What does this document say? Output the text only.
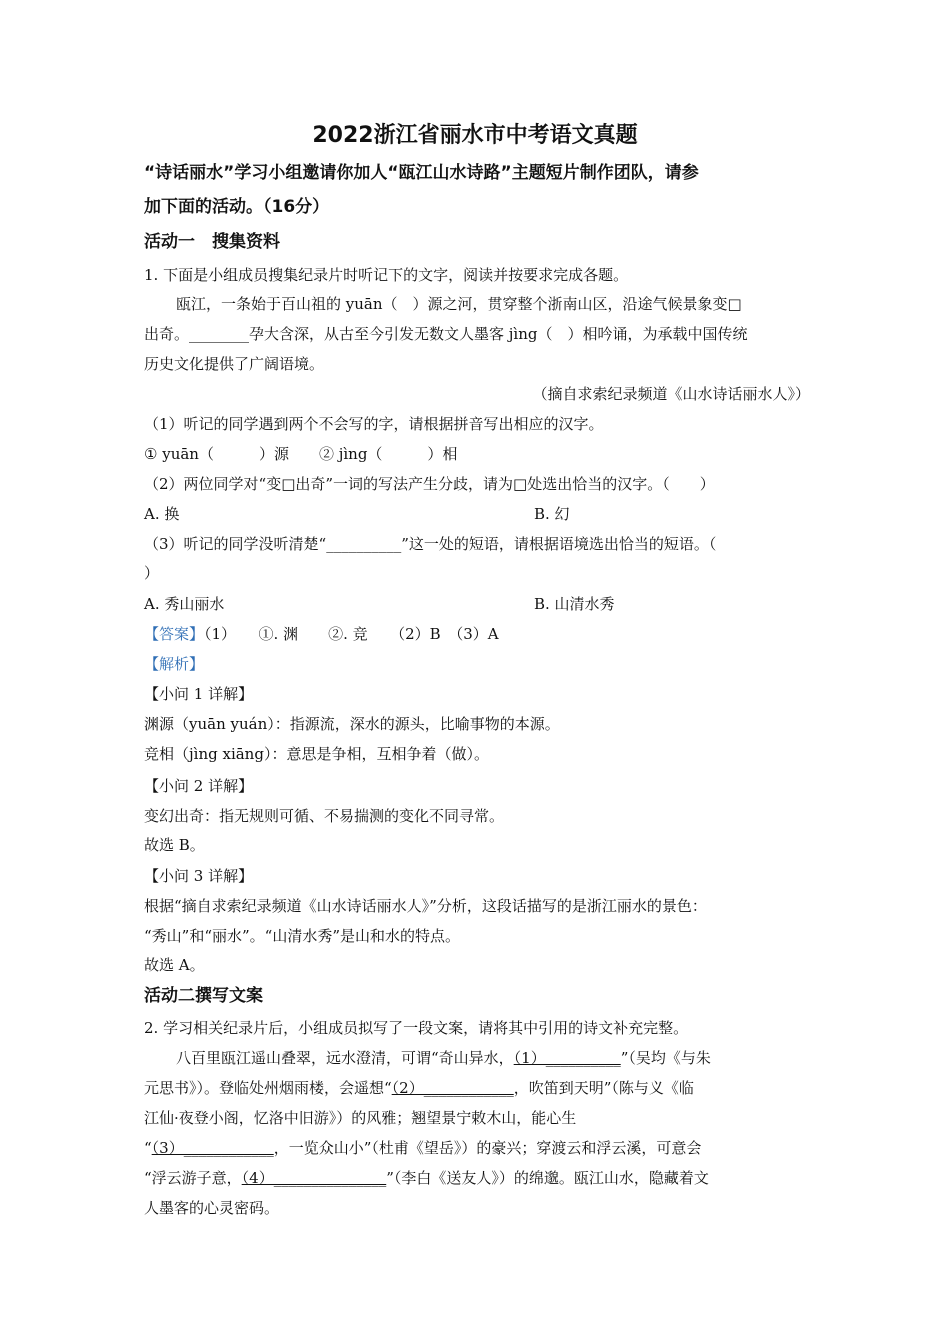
2022浙江省丽水市中考语文真题
“诗话丽水”学习小组邀请你加人“瓯江山水诗路”主题短片制作团队，请参
加下面的活动。（16分）
活动一　搜集资料
1. 下面是小组成员搜集纪录片时听记下的文字，阅读并按要求完成各题。
瓯江，一条始于百山祖的 yuān（　）源之河，贯穿整个浙南山区，沿途气候景象变□
出奇。________孕大含深，从古至今引发无数文人墨客 jìng（　）相吟诵，为承载中国传统
历史文化提供了广阔语境。
（摘自求索纪录频道《山水诗话丽水人》）
（1）听记的同学遇到两个不会写的字，请根据拼音写出相应的汉字。
① yuān（　　　）源　　② jìng（　　　）相
（2）两位同学对“变□出奇”一词的写法产生分歧，请为□处选出恰当的汉字。（　　）
A. 换	B. 幻
（3）听记的同学没听清楚“__________”这一处的短语，请根据语境选出恰当的短语。（
）
A. 秀山丽水	B. 山清水秀
【答案】（1）　　①. 渊　　②. 竞　　（2）B　（3）A
【解析】
【小问 1 详解】
渊源（yuān yuán）：指源流，深水的源头，比喻事物的本源。
竞相（jìng xiāng）：意思是争相，互相争着（做）。
【小问 2 详解】
变幻出奇：指无规则可循、不易揣测的变化不同寻常。
故选 B。
【小问 3 详解】
根据“摘自求索纪录频道《山水诗话丽水人》”分析，这段话描写的是浙江丽水的景色：
“秀山”和“丽水”。“山清水秀”是山和水的特点。
故选 A。
活动二撰写文案
2. 学习相关纪录片后，小组成员拟写了一段文案，请将其中引用的诗文补充完整。
八百里瓯江遥山叠翠，远水澄清，可谓“奇山异水，（1）__________”（吴均《与朱
元思书》）。登临处州烟雨楼，会遥想“（2）____________，吹笛到天明”（陈与义《临
江仙·夜登小阁，忆洛中旧游》）的风雅；翘望景宁敕木山，能心生
“（3）____________，一览众山小”（杜甫《望岳》）的豪兴；穿渡云和浮云溪，可意会
“浮云游子意，（4）_______________”（李白《送友人》）的绵邈。瓯江山水，隐藏着文
人墨客的心灵密码。
